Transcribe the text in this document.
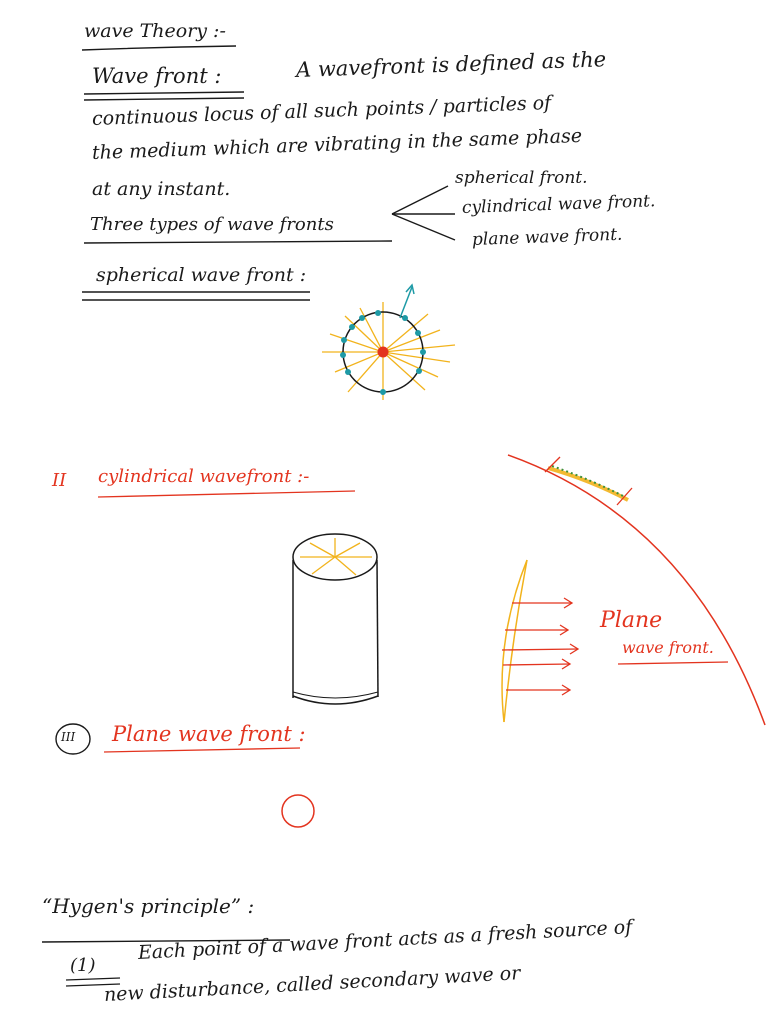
wave Theory :-
Wave front :	A wavefront is defined as the
continuous locus of all such points / particles of
the medium which are vibrating in the same phase
at any instant.
Three types of wave fronts
spherical front.
cylindrical wave front.
plane wave front.
spherical wave front :
II cylindrical wavefront :-
Plane
wave front.
III Plane wave front :
“Hygen's principle” :
(1)
Each point of a wave front acts as a fresh source of
new disturbance, called secondary wave or
